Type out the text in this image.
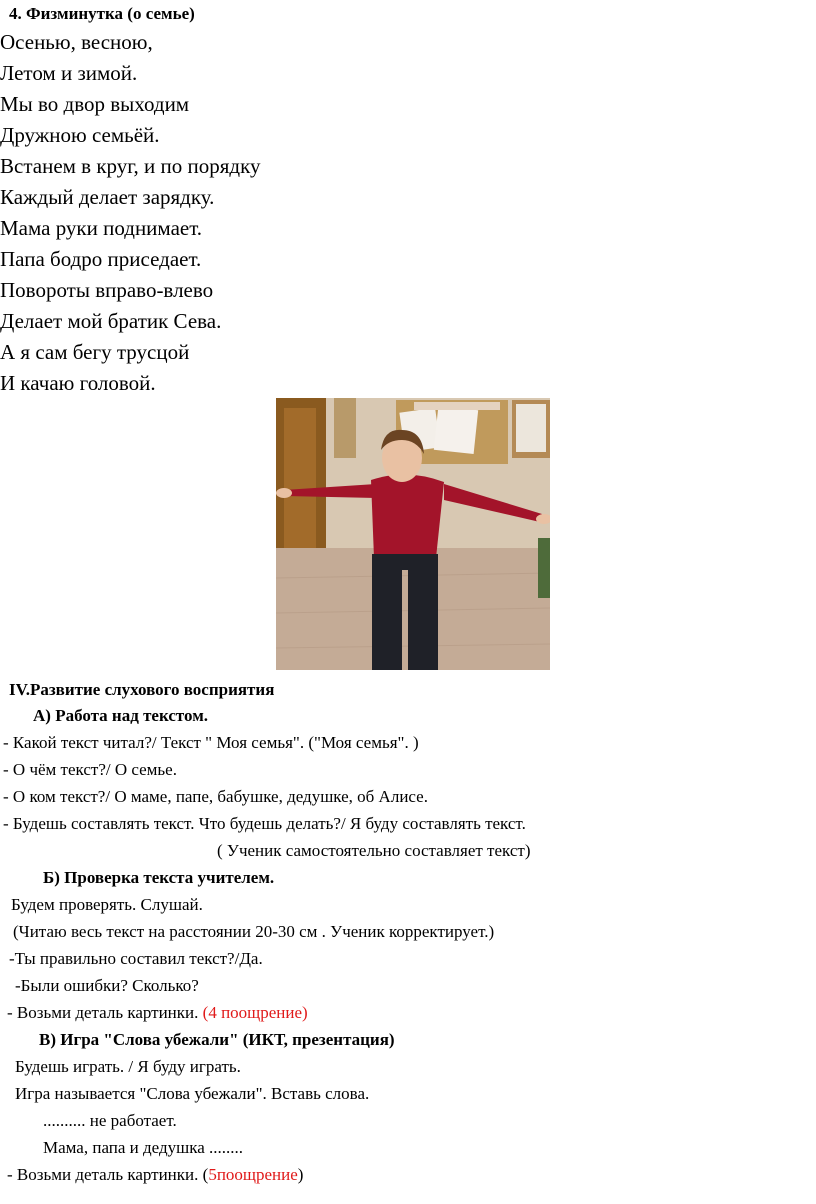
4. Физминутка (о семье)
Осенью, весною,
Летом и зимой.
Мы во двор выходим
Дружною семьёй.
Встанем в круг, и по порядку
Каждый делает зарядку.
Мама руки поднимает.
Папа бодро приседает.
Повороты вправо-влево
Делает мой братик Сева.
А я сам бегу трусцой
И качаю головой.
IV.Развитие слухового восприятия
А) Работа над текстом.
- Какой текст читал?/ Текст " Моя семья". ("Моя семья". )
- О чём текст?/ О семье.
- О ком текст?/ О маме, папе, бабушке, дедушке, об Алисе.
- Будешь составлять текст. Что будешь делать?/ Я буду составлять текст.
( Ученик самостоятельно составляет текст)
Б) Проверка текста учителем.
Будем проверять. Слушай.
(Читаю весь текст на расстоянии 20-30 см . Ученик корректирует.)
-Ты правильно составил текст?/Да.
-Были ошибки? Сколько?
- Возьми деталь картинки. (4 поощрение)
В) Игра "Слова убежали" (ИКТ, презентация)
Будешь играть. / Я буду играть.
Игра называется "Слова убежали". Вставь слова.
.......... не работает.
Мама, папа и дедушка ........
- Возьми деталь картинки. (5поощрение)
